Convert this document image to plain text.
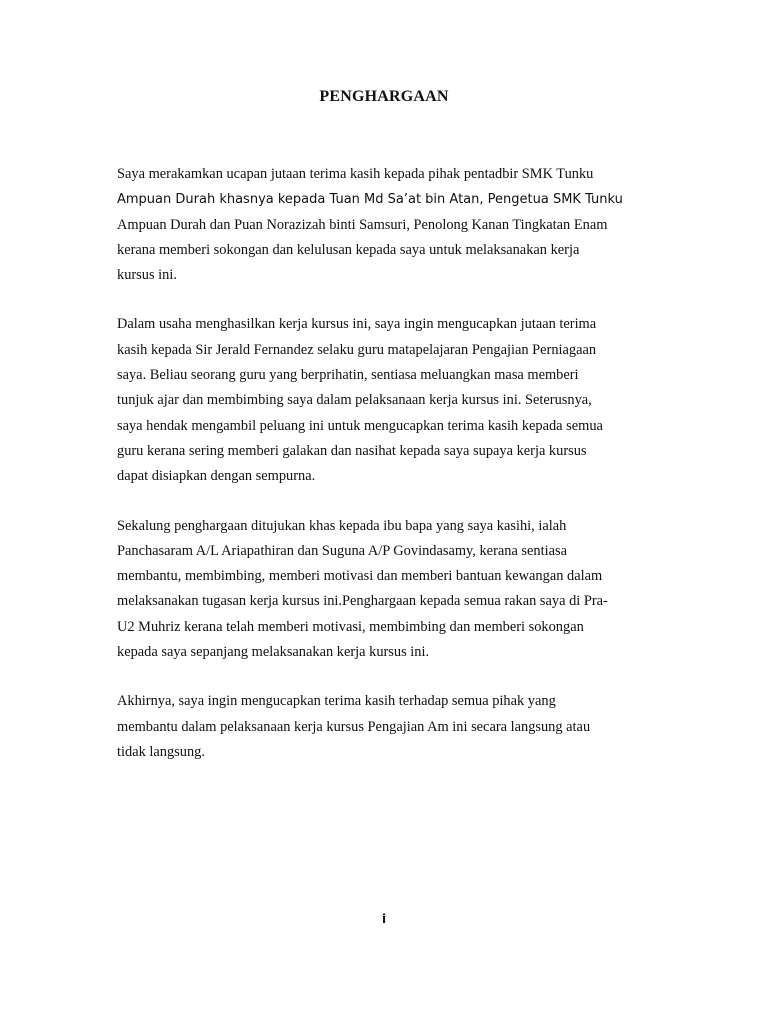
PENGHARGAAN

Saya merakamkan ucapan jutaan terima kasih kepada pihak pentadbir SMK Tunku
Ampuan Durah khasnya kepada Tuan Md Sa’at bin Atan, Pengetua SMK Tunku
Ampuan Durah dan Puan Norazizah binti Samsuri, Penolong Kanan Tingkatan Enam
kerana memberi sokongan dan kelulusan kepada saya untuk melaksanakan kerja
kursus ini.

Dalam usaha menghasilkan kerja kursus ini, saya ingin mengucapkan jutaan terima
kasih kepada Sir Jerald Fernandez selaku guru matapelajaran Pengajian Perniagaan
saya. Beliau seorang guru yang berprihatin, sentiasa meluangkan masa memberi
tunjuk ajar dan membimbing saya dalam pelaksanaan kerja kursus ini. Seterusnya,
saya hendak mengambil peluang ini untuk mengucapkan terima kasih kepada semua
guru kerana sering memberi galakan dan nasihat kepada saya supaya kerja kursus
dapat disiapkan dengan sempurna.

Sekalung penghargaan ditujukan khas kepada ibu bapa yang saya kasihi, ialah
Panchasaram A/L Ariapathiran dan Suguna A/P Govindasamy, kerana sentiasa
membantu, membimbing, memberi motivasi dan memberi bantuan kewangan dalam
melaksanakan tugasan kerja kursus ini.Penghargaan kepada semua rakan saya di Pra-
U2 Muhriz kerana telah memberi motivasi, membimbing dan memberi sokongan
kepada saya sepanjang melaksanakan kerja kursus ini.

Akhirnya, saya ingin mengucapkan terima kasih terhadap semua pihak yang
membantu dalam pelaksanaan kerja kursus Pengajian Am ini secara langsung atau
tidak langsung.

i
